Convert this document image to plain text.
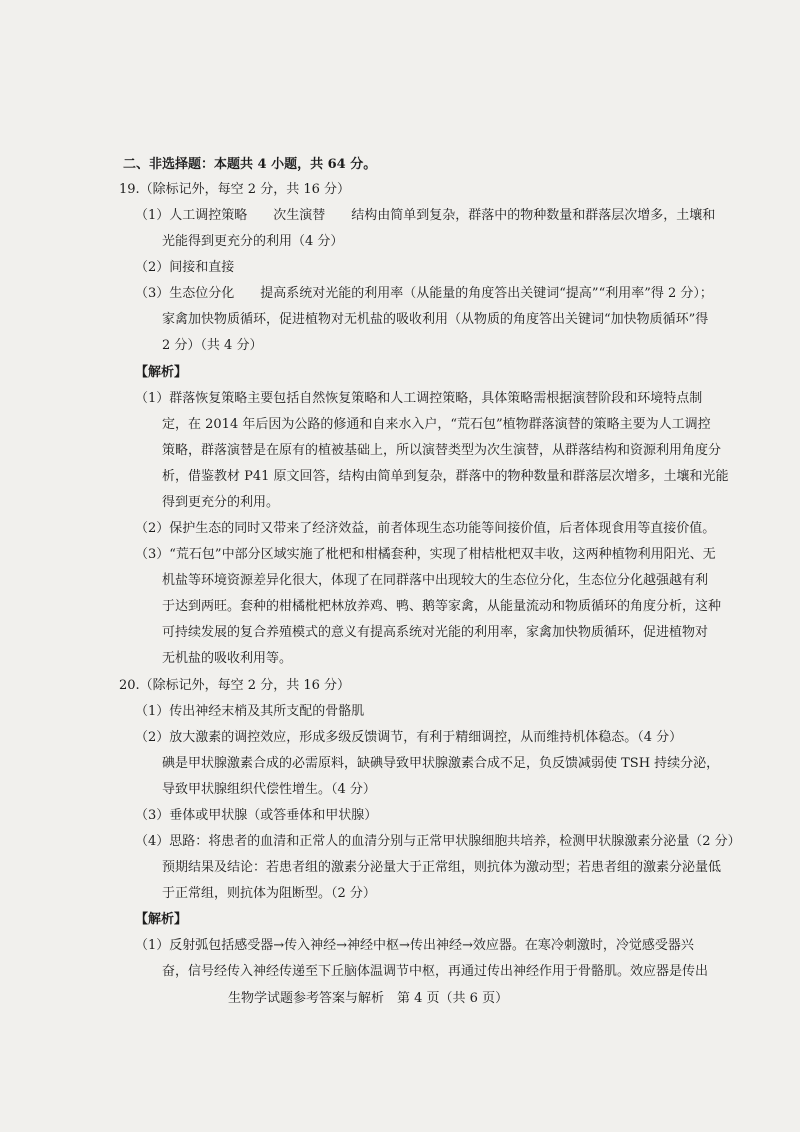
二、非选择题：本题共 4 小题，共 64 分。
19.（除标记外，每空 2 分，共 16 分）
（1）人工调控策略　　次生演替　　结构由简单到复杂，群落中的物种数量和群落层次增多，土壤和
光能得到更充分的利用（4 分）
（2）间接和直接
（3）生态位分化　　提高系统对光能的利用率（从能量的角度答出关键词“提高”“利用率”得 2 分）；
家禽加快物质循环，促进植物对无机盐的吸收利用（从物质的角度答出关键词“加快物质循环”得
2 分）（共 4 分）
【解析】
（1）群落恢复策略主要包括自然恢复策略和人工调控策略，具体策略需根据演替阶段和环境特点制
定，在 2014 年后因为公路的修通和自来水入户，“荒石包”植物群落演替的策略主要为人工调控
策略，群落演替是在原有的植被基础上，所以演替类型为次生演替，从群落结构和资源利用角度分
析，借鉴教材 P41 原文回答，结构由简单到复杂，群落中的物种数量和群落层次增多，土壤和光能
得到更充分的利用。
（2）保护生态的同时又带来了经济效益，前者体现生态功能等间接价值，后者体现食用等直接价值。
（3）“荒石包”中部分区域实施了枇杷和柑橘套种，实现了柑桔枇杷双丰收，这两种植物利用阳光、无
机盐等环境资源差异化很大，体现了在同群落中出现较大的生态位分化，生态位分化越强越有利
于达到两旺。套种的柑橘枇杷林放养鸡、鸭、鹅等家禽，从能量流动和物质循环的角度分析，这种
可持续发展的复合养殖模式的意义有提高系统对光能的利用率，家禽加快物质循环，促进植物对
无机盐的吸收利用等。
20.（除标记外，每空 2 分，共 16 分）
（1）传出神经末梢及其所支配的骨骼肌
（2）放大激素的调控效应，形成多级反馈调节，有利于精细调控，从而维持机体稳态。（4 分）
碘是甲状腺激素合成的必需原料，缺碘导致甲状腺激素合成不足，负反馈减弱使 TSH 持续分泌，
导致甲状腺组织代偿性增生。（4 分）
（3）垂体或甲状腺（或答垂体和甲状腺）
（4）思路：将患者的血清和正常人的血清分别与正常甲状腺细胞共培养，检测甲状腺激素分泌量（2 分）
预期结果及结论：若患者组的激素分泌量大于正常组，则抗体为激动型；若患者组的激素分泌量低
于正常组，则抗体为阻断型。（2 分）
【解析】
（1）反射弧包括感受器→传入神经→神经中枢→传出神经→效应器。在寒冷刺激时，冷觉感受器兴
奋，信号经传入神经传递至下丘脑体温调节中枢，再通过传出神经作用于骨骼肌。效应器是传出
生物学试题参考答案与解析　第 4 页（共 6 页）
